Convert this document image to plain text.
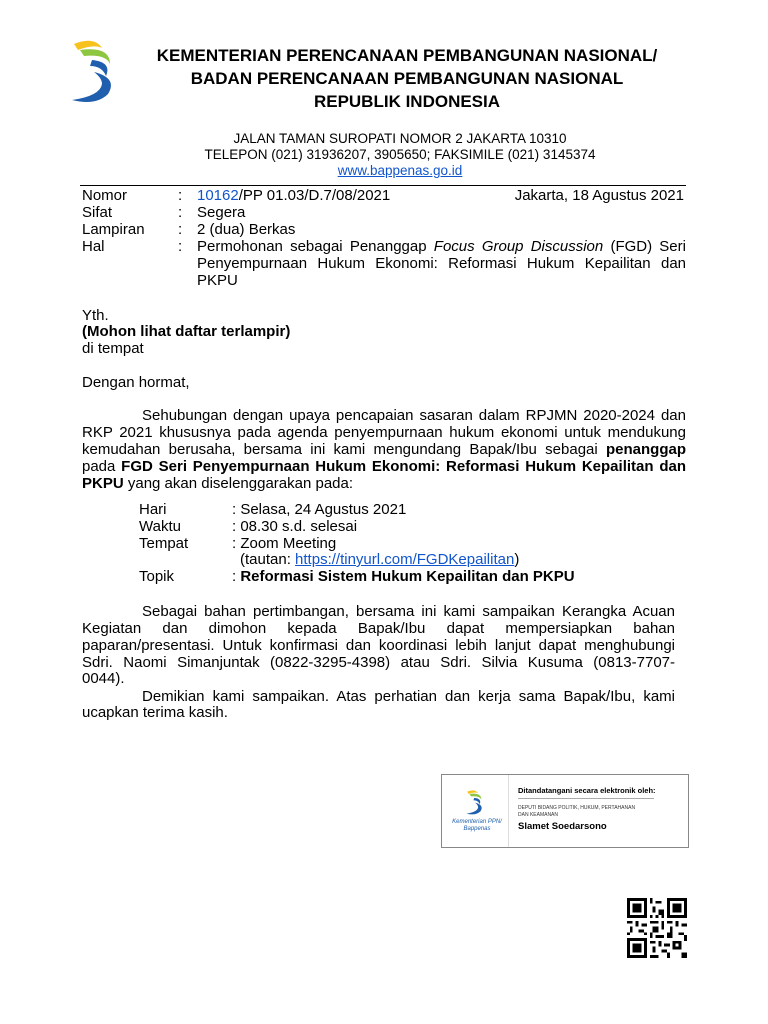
KEMENTERIAN PERENCANAAN PEMBANGUNAN NASIONAL/
BADAN PERENCANAAN PEMBANGUNAN NASIONAL
REPUBLIK INDONESIA
JALAN TAMAN SUROPATI NOMOR 2 JAKARTA 10310
TELEPON (021) 31936207, 3905650; FAKSIMILE (021) 3145374
www.bappenas.go.id
Nomor	: 10162/PP 01.03/D.7/08/2021	Jakarta, 18 Agustus 2021
Sifat	: Segera
Lampiran : 2 (dua) Berkas
Hal	: Permohonan sebagai Penanggap Focus Group Discussion (FGD) Seri
Penyempurnaan Hukum Ekonomi: Reformasi Hukum Kepailitan dan
PKPU
Yth.
(Mohon lihat daftar terlampir)
di tempat
Dengan hormat,
Sehubungan dengan upaya pencapaian sasaran dalam RPJMN 2020-2024 dan
RKP 2021 khususnya pada agenda penyempurnaan hukum ekonomi untuk mendukung
kemudahan berusaha, bersama ini kami mengundang Bapak/Ibu sebagai penanggap
pada FGD Seri Penyempurnaan Hukum Ekonomi: Reformasi Hukum Kepailitan dan
PKPU yang akan diselenggarakan pada:
Hari	: Selasa, 24 Agustus 2021
Waktu	: 08.30 s.d. selesai
Tempat	: Zoom Meeting
(tautan: https://tinyurl.com/FGDKepailitan)
Topik	: Reformasi Sistem Hukum Kepailitan dan PKPU
Sebagai bahan pertimbangan, bersama ini kami sampaikan Kerangka Acuan
Kegiatan dan dimohon kepada Bapak/Ibu dapat mempersiapkan bahan
paparan/presentasi. Untuk konfirmasi dan koordinasi lebih lanjut dapat menghubungi
Sdri. Naomi Simanjuntak (0822-3295-4398) atau Sdri. Silvia Kusuma (0813-7707-
0044).
Demikian kami sampaikan. Atas perhatian dan kerja sama Bapak/Ibu, kami
ucapkan terima kasih.
Kementerian PPN/
Bappenas
Ditandatangani secara elektronik oleh:
DEPUTI BIDANG POLITIK, HUKUM, PERTAHANAN
DAN KEAMANAN
Slamet Soedarsono
